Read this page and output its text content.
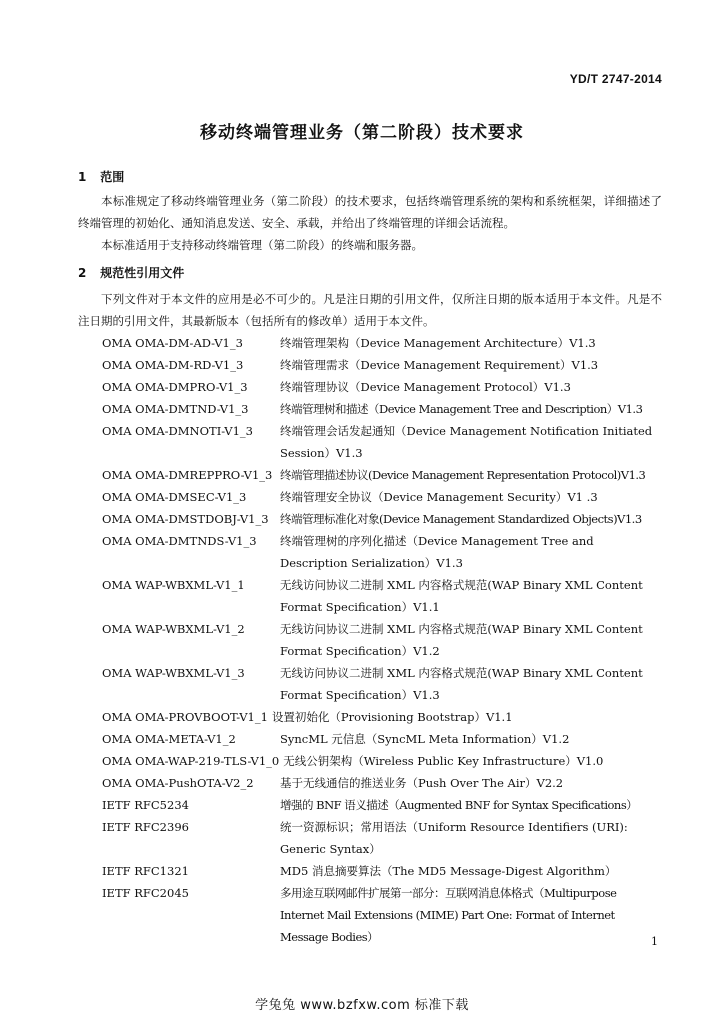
YD/T 2747-2014
移动终端管理业务（第二阶段）技术要求
1 范围
本标准规定了移动终端管理业务（第二阶段）的技术要求，包括终端管理系统的架构和系统框架，详细描述了终端管理的初始化、通知消息发送、安全、承载，并给出了终端管理的详细会话流程。
本标准适用于支持移动终端管理（第二阶段）的终端和服务器。
2 规范性引用文件
下列文件对于本文件的应用是必不可少的。凡是注日期的引用文件，仅所注日期的版本适用于本文件。凡是不注日期的引用文件，其最新版本（包括所有的修改单）适用于本文件。
OMA OMA-DM-AD-V1_3	终端管理架构（Device Management Architecture）V1.3
OMA OMA-DM-RD-V1_3	终端管理需求（Device Management Requirement）V1.3
OMA OMA-DMPRO-V1_3	终端管理协议（Device Management Protocol）V1.3
OMA OMA-DMTND-V1_3	终端管理树和描述（Device Management Tree and Description）V1.3
OMA OMA-DMNOTI-V1_3	终端管理会话发起通知（Device Management Notification Initiated Session）V1.3
OMA OMA-DMREPPRO-V1_3 终端管理描述协议(Device Management Representation Protocol)V1.3
OMA OMA-DMSEC-V1_3	终端管理安全协议（Device Management Security）V1 .3
OMA OMA-DMSTDOBJ-V1_3 终端管理标准化对象(Device Management Standardized Objects)V1.3
OMA OMA-DMTNDS-V1_3	终端管理树的序列化描述（Device Management Tree and Description Serialization）V1.3
OMA WAP-WBXML-V1_1	无线访问协议二进制 XML 内容格式规范(WAP Binary XML Content Format Specification）V1.1
OMA WAP-WBXML-V1_2	无线访问协议二进制 XML 内容格式规范(WAP Binary XML Content Format Specification）V1.2
OMA WAP-WBXML-V1_3	无线访问协议二进制 XML 内容格式规范(WAP Binary XML Content Format Specification）V1.3
OMA OMA-PROVBOOT-V1_1 设置初始化（Provisioning Bootstrap）V1.1
OMA OMA-META-V1_2	SyncML 元信息（SyncML Meta Information）V1.2
OMA OMA-WAP-219-TLS-V1_0 无线公钥架构（Wireless Public Key Infrastructure）V1.0
OMA OMA-PushOTA-V2_2	基于无线通信的推送业务（Push Over The Air）V2.2
IETF RFC5234	增强的 BNF 语义描述（Augmented BNF for Syntax Specifications）
IETF RFC2396	统一资源标识；常用语法（Uniform Resource Identifiers (URI): Generic Syntax）
IETF RFC1321	MD5 消息摘要算法（The MD5 Message-Digest Algorithm）
IETF RFC2045	多用途互联网邮件扩展第一部分：互联网消息体格式（Multipurpose Internet Mail Extensions (MIME) Part One: Format of Internet Message Bodies）	1
学兔兔 www.bzfxw.com 标准下载
